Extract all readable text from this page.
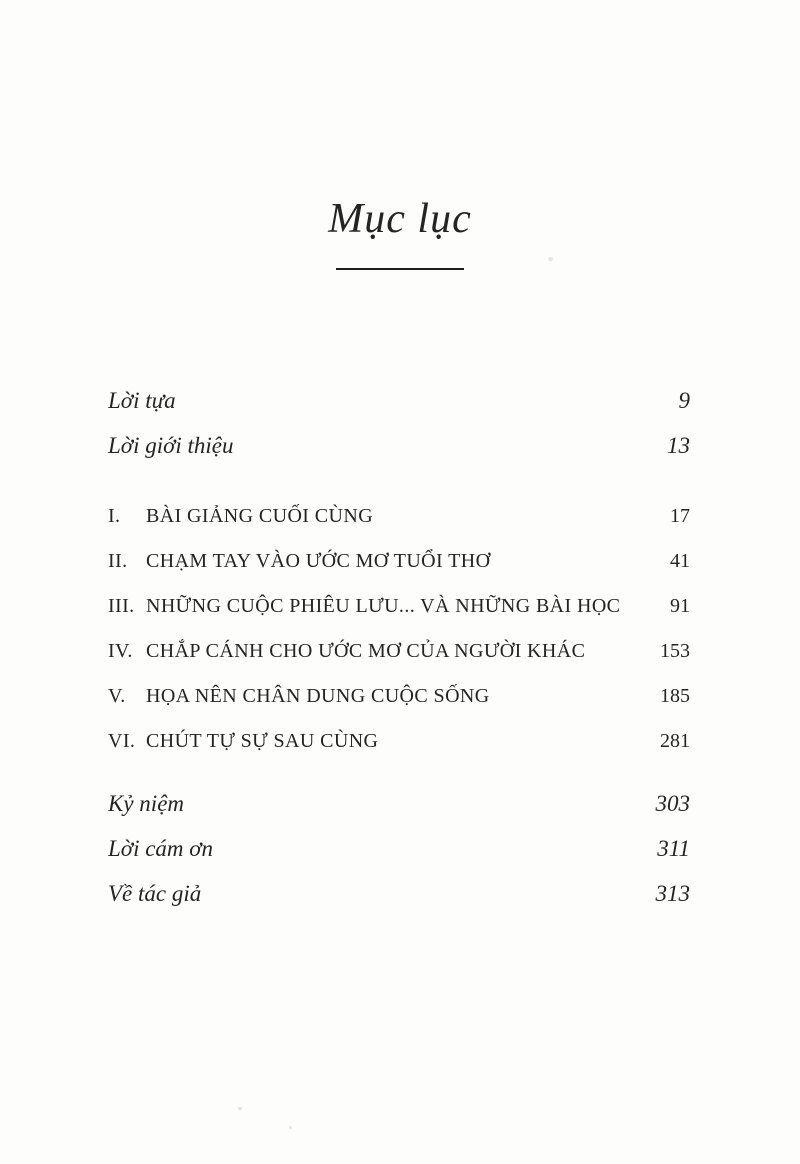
Mục lục
Lời tựa	9
Lời giới thiệu	13
I.	BÀI GIẢNG CUỐI CÙNG	17
II. CHẠM TAY VÀO ƯỚC MƠ TUỔI THƠ	41
III. NHỮNG CUỘC PHIÊU LƯU... VÀ NHỮNG BÀI HỌC	91
IV. CHẮP CÁNH CHO ƯỚC MƠ CỦA NGƯỜI KHÁC	153
V.	HỌA NÊN CHÂN DUNG CUỘC SỐNG	185
VI. CHÚT TỰ SỰ SAU CÙNG	281
Kỷ niệm	303
Lời cám ơn	311
Về tác giả	313
